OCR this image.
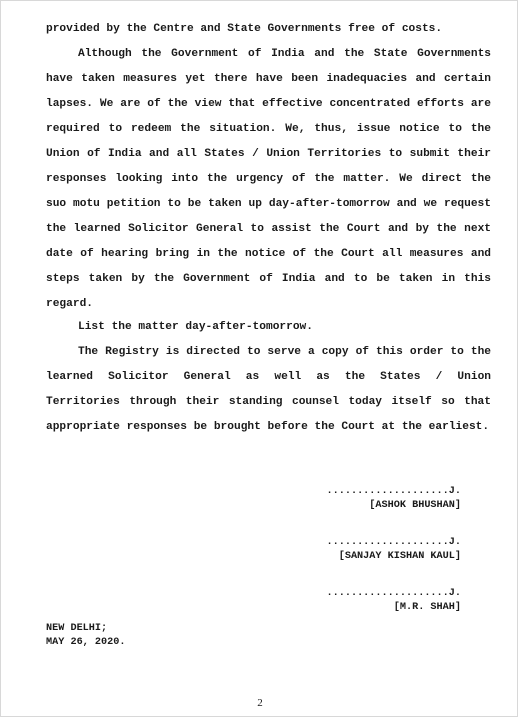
provided by the Centre and State Governments free of costs.

Although the Government of India and the State Governments have taken measures yet there have been inadequacies and certain lapses. We are of the view that effective concentrated efforts are required to redeem the situation. We, thus, issue notice to the Union of India and all States / Union Territories to submit their responses looking into the urgency of the matter. We direct the suo motu petition to be taken up day-after-tomorrow and we request the learned Solicitor General to assist the Court and by the next date of hearing bring in the notice of the Court all measures and steps taken by the Government of India and to be taken in this regard.

List the matter day-after-tomorrow.

The Registry is directed to serve a copy of this order to the learned Solicitor General as well as the States / Union Territories through their standing counsel today itself so that appropriate responses be brought before the Court at the earliest.

....................J.
[ASHOK BHUSHAN]
....................J.
[SANJAY KISHAN KAUL]
....................J.
[M.R. SHAH]
NEW DELHI;
MAY 26, 2020.
2
